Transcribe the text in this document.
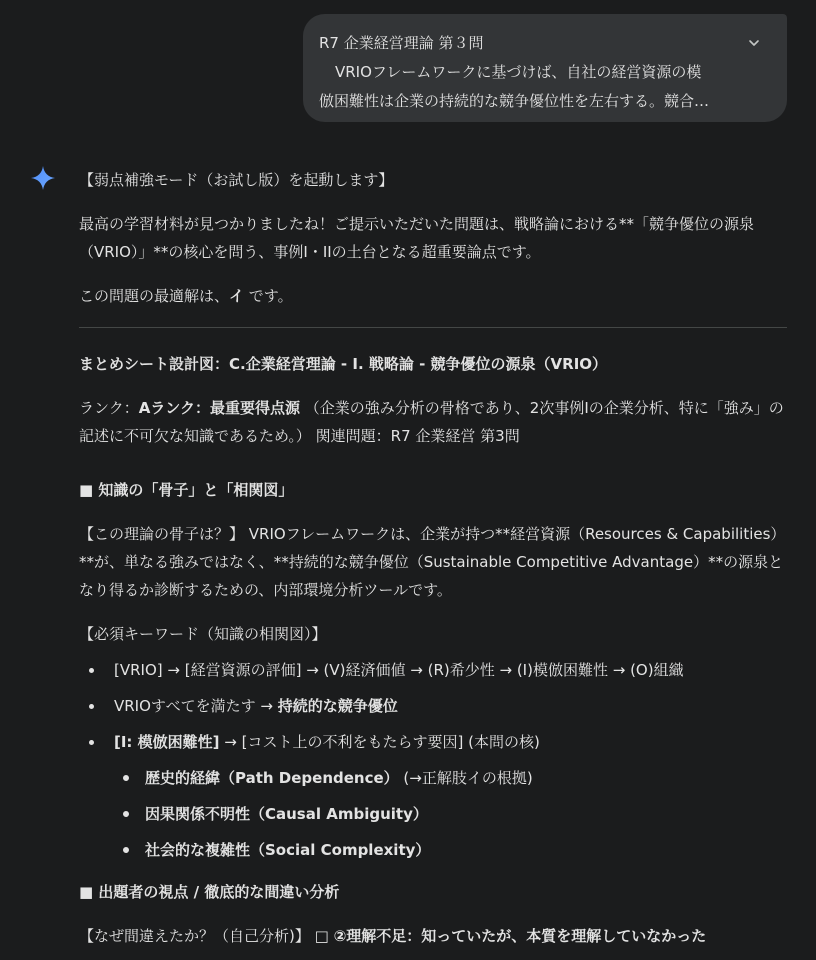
R7 企業経営理論 第３問
VRIOフレームワークに基づけば、自社の経営資源の模
倣困難性は企業の持続的な競争優位性を左右する。競合…
【弱点補強モード（お試し版）を起動します】
最高の学習材料が見つかりましたね！ご提示いただいた問題は、戦略論における**「競争優位の源泉（VRIO）」**の核心を問う、事例I・IIの土台となる超重要論点です。
この問題の最適解は、イ です。
まとめシート設計図：C.企業経営理論 - I. 戦略論 - 競争優位の源泉（VRIO）
ランク：Aランク：最重要得点源 （企業の強み分析の骨格であり、2次事例Iの企業分析、特に「強み」の記述に不可欠な知識であるため。） 関連問題：R7 企業経営 第3問
■ 知識の「骨子」と「相関図」
【この理論の骨子は？】 VRIOフレームワークは、企業が持つ**経営資源（Resources & Capabilities）**が、単なる強みではなく、**持続的な競争優位（Sustainable Competitive Advantage）**の源泉となり得るか診断するための、内部環境分析ツールです。
【必須キーワード（知識の相関図）】
[VRIO] → [経営資源の評価] → (V)経済価値 → (R)希少性 → (I)模倣困難性 → (O)組織
VRIOすべてを満たす → 持続的な競争優位
[I: 模倣困難性] → [コスト上の不利をもたらす要因] (本問の核)
歴史的経緯（Path Dependence） (→正解肢イの根拠)
因果関係不明性（Causal Ambiguity）
社会的な複雑性（Social Complexity）
■ 出題者の視点 / 徹底的な間違い分析
【なぜ間違えたか？（自己分析)】 □ ②理解不足：知っていたが、本質を理解していなかった
